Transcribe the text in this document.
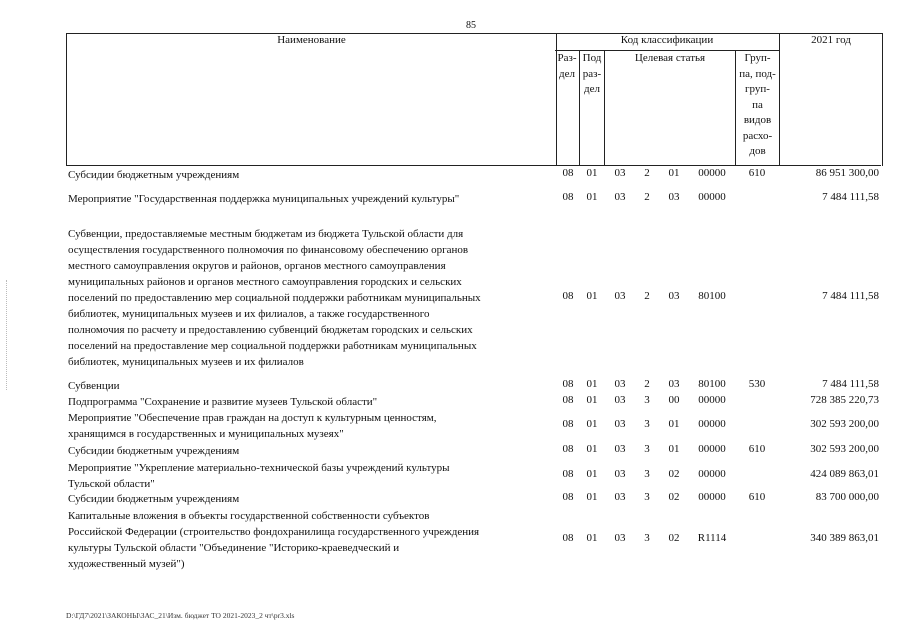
85
Наименование	Код классификации
Раз-
дел
Под
раз-
дел
Целевая статья	Груп-
па, под-
груп-
па
видов
расхо-
дов
2021 год
Субсидии бюджетным учреждениям	08	01	03	2	01	00000	610	86 951 300,00
Мероприятие "Государственная поддержка муниципальных учреждений культуры"	08	01	03	2	03	00000	7 484 111,58
Субвенции, предоставляемые местным бюджетам из бюджета Тульской области для
осуществления государственного полномочия по финансовому обеспечению органов
местного самоуправления округов и районов, органов местного самоуправления
муниципальных районов и органов местного самоуправления городских и сельских
поселений по предоставлению мер социальной поддержки работникам муниципальных
библиотек, муниципальных музеев и их филиалов, а также государственного
полномочия по расчету и предоставлению субвенций бюджетам городских и сельских
поселений на предоставление мер социальной поддержки работникам муниципальных
библиотек, муниципальных музеев и их филиалов
08	01	03	2	03	80100	7 484 111,58
Субвенции	08	01	03	2	03	80100	530	7 484 111,58
Подпрограмма "Сохранение и развитие музеев Тульской области"	08	01	03	3	00	00000	728 385 220,73
Мероприятие "Обеспечение прав граждан на доступ к культурным ценностям,
хранящимся в государственных и муниципальных музеях"
08	01	03	3	01	00000	302 593 200,00
Субсидии бюджетным учреждениям	08	01	03	3	01	00000	610	302 593 200,00
Мероприятие "Укрепление материально-технической базы учреждений культуры
Тульской области"
08	01	03	3	02	00000	424 089 863,01
Субсидии бюджетным учреждениям	08	01	03	3	02	00000	610	83 700 000,00
Капитальные вложения в объекты государственной собственности субъектов
Российской Федерации (строительство фондохранилища государственного учреждения
культуры Тульской области "Объединение "Историко-краеведческий и
художественный музей")
08	01	03	3	02	R1114	340 389 863,01
D:\ГД7\2021\ЗАКОНЫ\ЗАС_21\Изм. бюджет ТО 2021-2023_2 чт\pr3.xls
